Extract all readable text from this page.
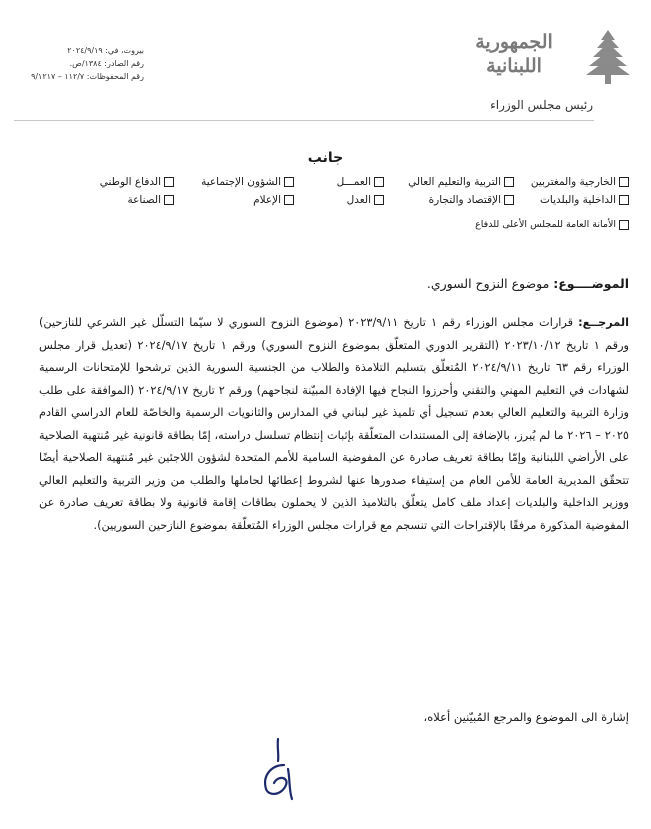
بيروت، في: ٢٠٢٤/٩/١٩
رقم الصادر: ١٣٨٤/ص.
رقم المحفوظات: ١١٢/٧ – ٩/١٢١٧
الجمهورية اللبنانية
رئيس مجلس الوزراء
جانب
الخارجية والمغتربين
التربية والتعليم العالي
العمـــل
الشؤون الإجتماعية
الدفاع الوطني
الداخلية والبلديات
الإقتصاد والتجارة
العدل
الإعلام
الصناعة
الأمانة العامة للمجلس الأعلى للدفاع
الموضــــوع: موضوع النزوح السوري.
المرجــع: قرارات مجلس الوزراء رقم ١ تاريخ ٢٠٢٣/٩/١١ (موضوع النزوح السوري لا سيّما التسلّل غير الشرعي للنازحين) ورقم ١ تاريخ ٢٠٢٣/١٠/١٢ (التقرير الدوري المتعلّق بموضوع النزوح السوري) ورقم ١ تاريخ ٢٠٢٤/٩/١٧ (تعديل قرار مجلس الوزراء رقم ٦٣ تاريخ ٢٠٢٤/٩/١١ المُتعلّق بتسليم التلامذة والطلاب من الجنسية السورية الذين ترشحوا للإمتحانات الرسمية لشهادات في التعليم المهني والتقني وأحرزوا النجاح فيها الإفادة المبيّنة لنجاحهم) ورقم ٢ تاريخ ٢٠٢٤/٩/١٧ (الموافقة على طلب وزارة التربية والتعليم العالي بعدم تسجيل أي تلميذ غير لبناني في المدارس والثانويات الرسمية والخاصّة للعام الدراسي القادم ٢٠٢٥ – ٢٠٢٦ ما لم يُبرز، بالإضافة إلى المستندات المتعلّقة بإثبات إنتظام تسلسل دراسته، إمّا بطاقة قانونية غير مُنتهية الصلاحية على الأراضي اللبنانية وإمّا بطاقة تعريف صادرة عن المفوضية السامية للأمم المتحدة لشؤون اللاجئين غير مُنتهية الصلاحية أيضًا تتحقّق المديرية العامة للأمن العام من إستيفاء صدورها عنها لشروط إعطائها لحاملها والطلب من وزير التربية والتعليم العالي ووزير الداخلية والبلديات إعداد ملف كامل يتعلّق بالتلاميذ الذين لا يحملون بطاقات إقامة قانونية ولا بطاقة تعريف صادرة عن المفوضية المذكورة مرفقًا بالإقتراحات التي تنسجم مع قرارات مجلس الوزراء المُتعلّقة بموضوع النازحين السوريين).
إشارة الى الموضوع والمرجع المُبيّنين أعلاه،
